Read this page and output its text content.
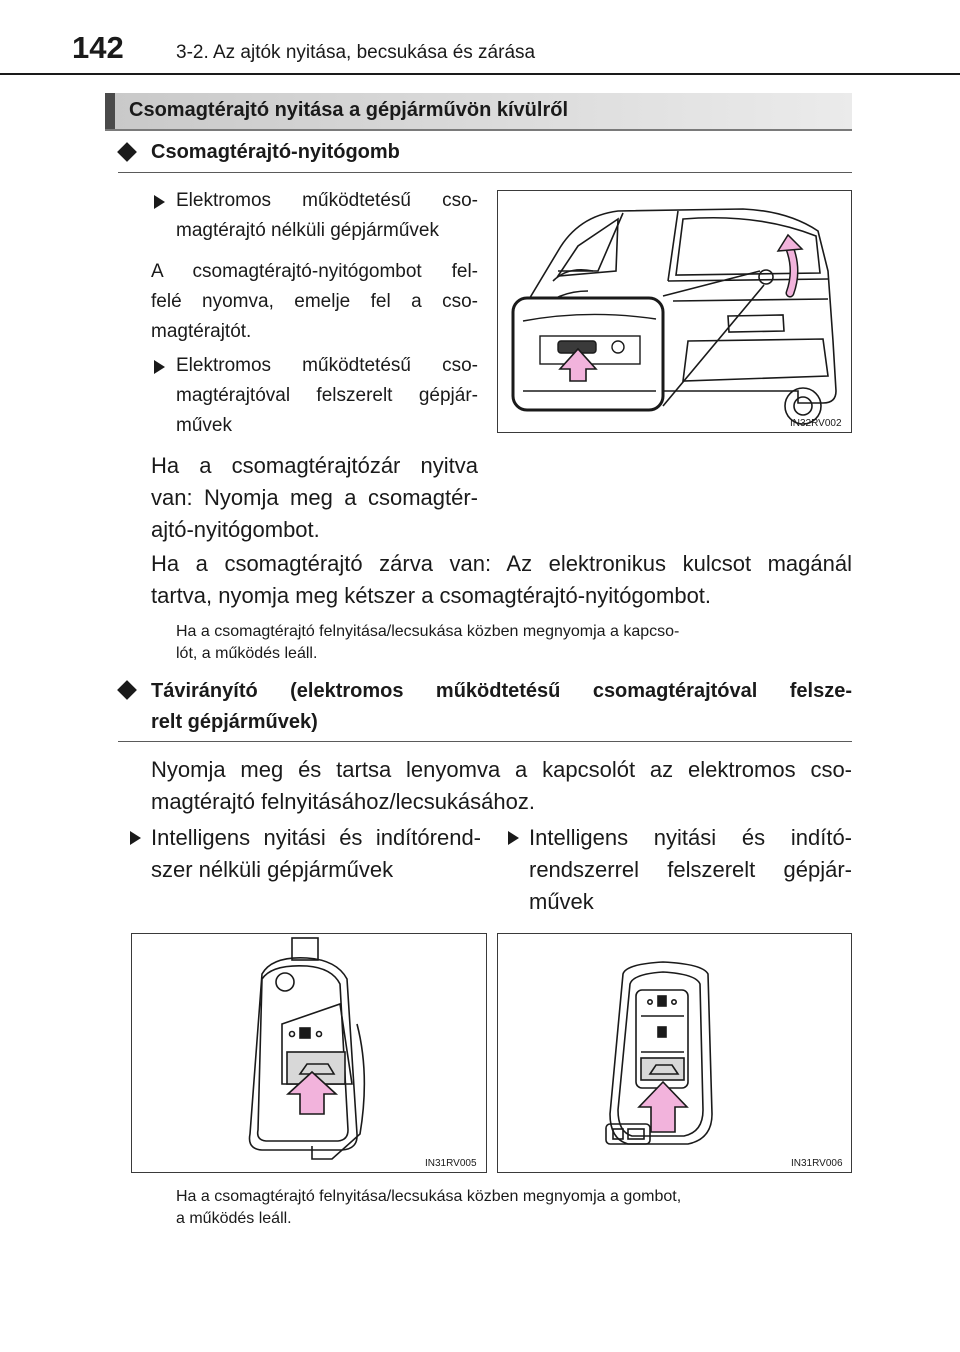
142	3-2. Az ajtók nyitása, becsukása és zárása
Csomagtérajtó nyitása a gépjárművön kívülről
Csomagtérajtó-nyitógomb
Elektromos működtetésű cso-
magtérajtó nélküli gépjárművek
A csomagtérajtó-nyitógombot fel-
felé nyomva, emelje fel a cso-
magtérajtót.
Elektromos működtetésű cso-
magtérajtóval felszerelt gépjár-
művek
Ha a csomagtérajtózár nyitva
van: Nyomja meg a csomagtér-
ajtó-nyitógombot.
IN32RV002
Ha a csomagtérajtó zárva van: Az elektronikus kulcsot magánál
tartva, nyomja meg kétszer a csomagtérajtó-nyitógombot.
Ha a csomagtérajtó felnyitása/lecsukása közben megnyomja a kapcso-
lót, a működés leáll.
Távirányító (elektromos működtetésű csomagtérajtóval felsze-
relt gépjárművek)
Nyomja meg és tartsa lenyomva a kapcsolót az elektromos cso-
magtérajtó felnyitásához/lecsukásához.
Intelligens nyitási és indítórend-
szer nélküli gépjárművek
Intelligens nyitási és indító-
rendszerrel felszerelt gépjár-
művek
IN31RV005	IN31RV006
Ha a csomagtérajtó felnyitása/lecsukása közben megnyomja a gombot,
a működés leáll.
